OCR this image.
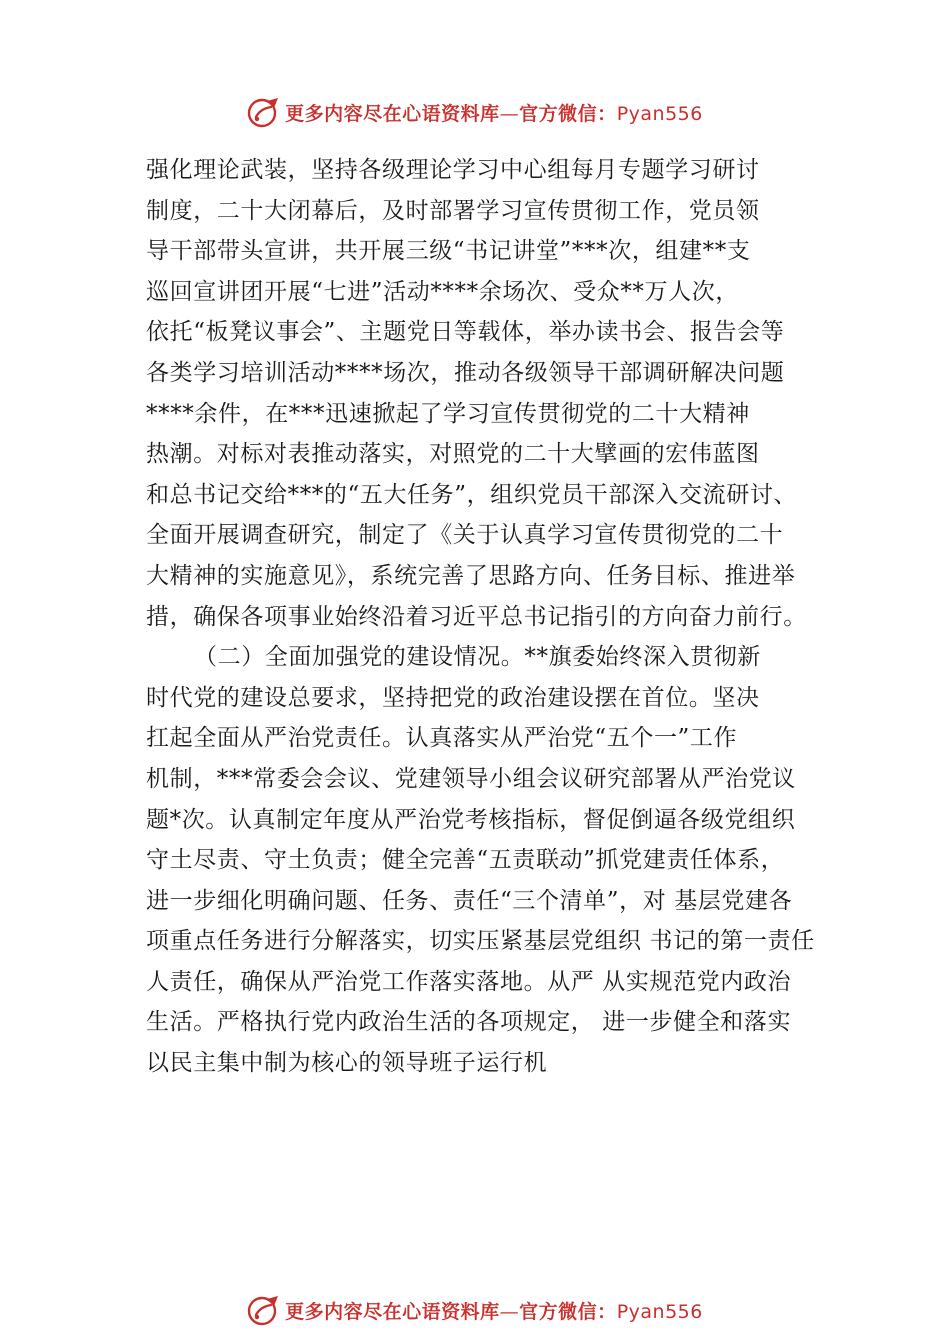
更多内容尽在心语资料库—官方微信：Pyan556
强化理论武装，坚持各级理论学习中心组每月专题学习研讨
制度，二十大闭幕后，及时部署学习宣传贯彻工作，党员领
导干部带头宣讲，共开展三级“书记讲堂”***次，组建**支
巡回宣讲团开展“七进”活动****余场次、受众**万人次，
依托“板凳议事会”、主题党日等载体，举办读书会、报告会等
各类学习培训活动****场次，推动各级领导干部调研解决问题
****余件，在***迅速掀起了学习宣传贯彻党的二十大精神
热潮。对标对表推动落实，对照党的二十大擘画的宏伟蓝图
和总书记交给***的“五大任务”，组织党员干部深入交流研讨、
全面开展调查研究，制定了《关于认真学习宣传贯彻党的二十
大精神的实施意见》，系统完善了思路方向、任务目标、推进举
措，确保各项事业始终沿着习近平总书记指引的方向奋力前行。
（二）全面加强党的建设情况。**旗委始终深入贯彻新
时代党的建设总要求，坚持把党的政治建设摆在首位。坚决
扛起全面从严治党责任。认真落实从严治党“五个一”工作
机制，***常委会会议、党建领导小组会议研究部署从严治党议
题*次。认真制定年度从严治党考核指标，督促倒逼各级党组织
守土尽责、守土负责；健全完善“五责联动”抓党建责任体系，
进一步细化明确问题、任务、责任“三个清单”，对 基层党建各
项重点任务进行分解落实，切实压紧基层党组织 书记的第一责任
人责任，确保从严治党工作落实落地。从严 从实规范党内政治
生活。严格执行党内政治生活的各项规定， 进一步健全和落实
以民主集中制为核心的领导班子运行机
更多内容尽在心语资料库—官方微信：Pyan556
